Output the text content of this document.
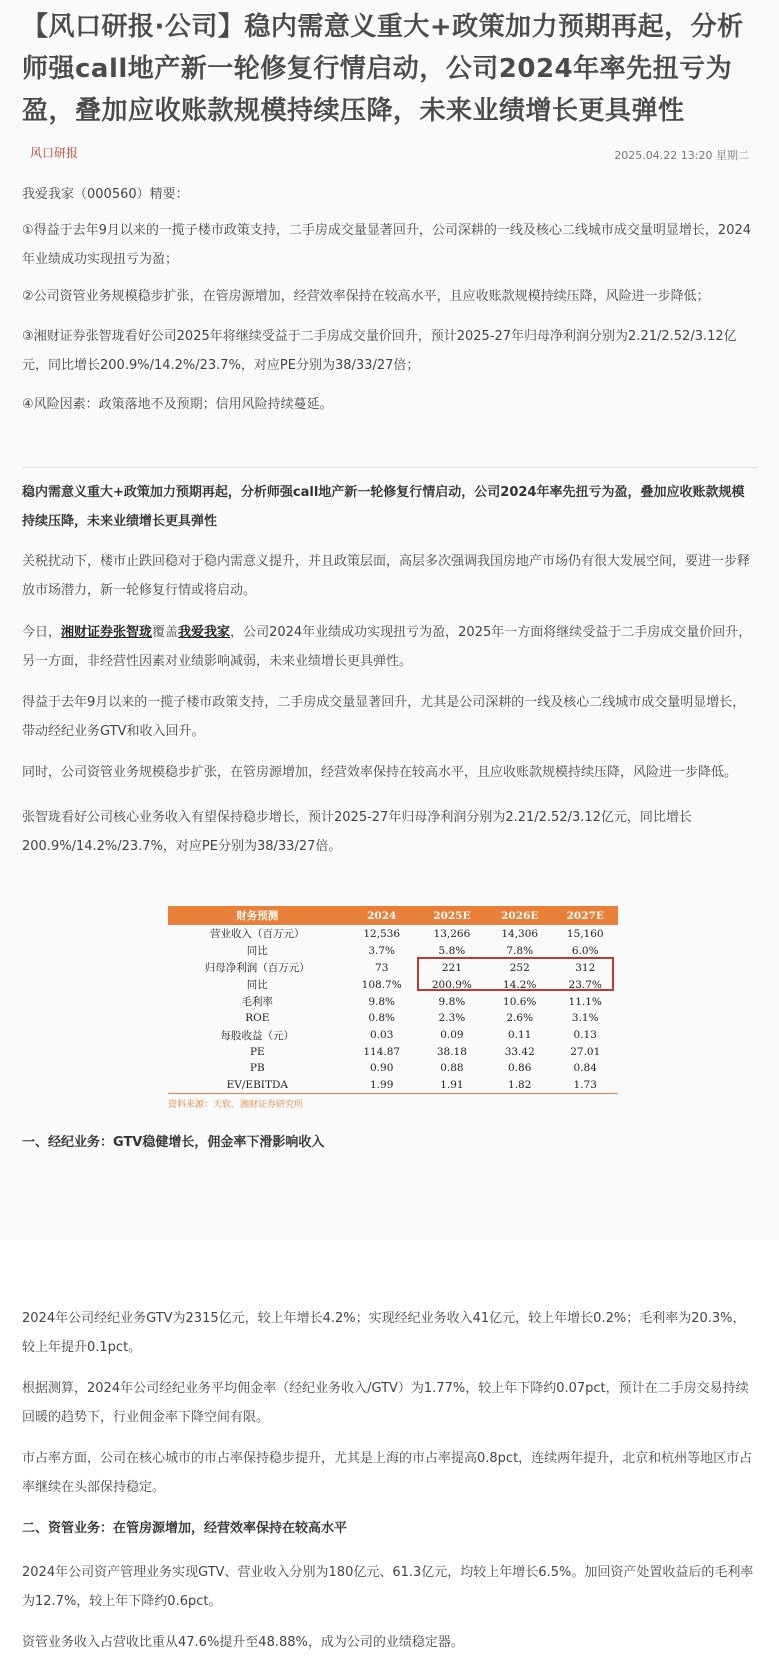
【风口研报·公司】稳内需意义重大+政策加力预期再起，分析师强call地产新一轮修复行情启动，公司2024年率先扭亏为盈，叠加应收账款规模持续压降，未来业绩增长更具弹性
风口研报	2025.04.22 13:20 星期二

我爱我家（000560）精要：

①得益于去年9月以来的一揽子楼市政策支持，二手房成交量显著回升，公司深耕的一线及核心二线城市成交量明显增长，2024年业绩成功实现扭亏为盈；

②公司资管业务规模稳步扩张，在管房源增加，经营效率保持在较高水平，且应收账款规模持续压降，风险进一步降低；

③湘财证券张智珑看好公司2025年将继续受益于二手房成交量价回升，预计2025-27年归母净利润分别为2.21/2.52/3.12亿元，同比增长200.9%/14.2%/23.7%，对应PE分别为38/33/27倍；

④风险因素：政策落地不及预期；信用风险持续蔓延。

稳内需意义重大+政策加力预期再起，分析师强call地产新一轮修复行情启动，公司2024年率先扭亏为盈，叠加应收账款规模持续压降，未来业绩增长更具弹性

关税扰动下，楼市止跌回稳对于稳内需意义提升，并且政策层面，高层多次强调我国房地产市场仍有很大发展空间，要进一步释放市场潜力，新一轮修复行情或将启动。

今日，湘财证券张智珑覆盖我爱我家，公司2024年业绩成功实现扭亏为盈，2025年一方面将继续受益于二手房成交量价回升，另一方面，非经营性因素对业绩影响减弱，未来业绩增长更具弹性。

得益于去年9月以来的一揽子楼市政策支持，二手房成交量显著回升，尤其是公司深耕的一线及核心二线城市成交量明显增长，带动经纪业务GTV和收入回升。

同时，公司资管业务规模稳步扩张，在管房源增加，经营效率保持在较高水平，且应收账款规模持续压降，风险进一步降低。

张智珑看好公司核心业务收入有望保持稳步增长，预计2025-27年归母净利润分别为2.21/2.52/3.12亿元，同比增长200.9%/14.2%/23.7%，对应PE分别为38/33/27倍。

财务预测	2024	2025E	2026E	2027E
营业收入（百万元）	12,536	13,266	14,306	15,160
同比	3.7%	5.8%	7.8%	6.0%
归母净利润（百万元）	73	221	252	312
同比	108.7%	200.9%	14.2%	23.7%
毛利率	9.8%	9.8%	10.6%	11.1%
ROE	0.8%	2.3%	2.6%	3.1%
每股收益（元）	0.03	0.09	0.11	0.13
PE	114.87	38.18	33.42	27.01
PB	0.90	0.88	0.86	0.84
EV/EBITDA	1.99	1.91	1.82	1.73
资料来源：天软、湘财证券研究所

一、经纪业务：GTV稳健增长，佣金率下滑影响收入

2024年公司经纪业务GTV为2315亿元，较上年增长4.2%；实现经纪业务收入41亿元，较上年增长0.2%；毛利率为20.3%，较上年提升0.1pct。

根据测算，2024年公司经纪业务平均佣金率（经纪业务收入/GTV）为1.77%，较上年下降约0.07pct，预计在二手房交易持续回暖的趋势下，行业佣金率下降空间有限。

市占率方面，公司在核心城市的市占率保持稳步提升，尤其是上海的市占率提高0.8pct，连续两年提升，北京和杭州等地区市占率继续在头部保持稳定。

二、资管业务：在管房源增加，经营效率保持在较高水平

2024年公司资产管理业务实现GTV、营业收入分别为180亿元、61.3亿元，均较上年增长6.5%。加回资产处置收益后的毛利率为12.7%，较上年下降约0.6pct。

资管业务收入占营收比重从47.6%提升至48.88%，成为公司的业绩稳定器。
